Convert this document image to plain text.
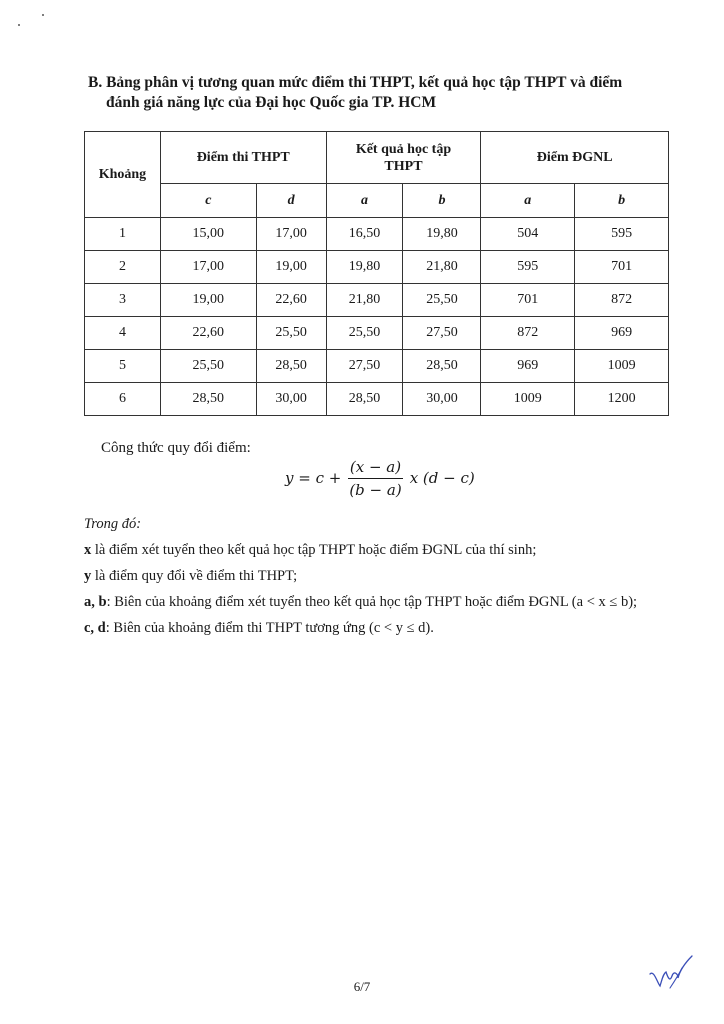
B. Bảng phân vị tương quan mức điểm thi THPT, kết quả học tập THPT và điểm
đánh giá năng lực của Đại học Quốc gia TP. HCM
Khoảng	Điểm thi THPT		Kết quả học tập THPT		Điểm ĐGNL	
	c	d	a	b	a	b
1	15,00	17,00	16,50	19,80	504	595
2	17,00	19,00	19,80	21,80	595	701
3	19,00	22,60	21,80	25,50	701	872
4	22,60	25,50	25,50	27,50	872	969
5	25,50	28,50	27,50	28,50	969	1009
6	28,50	30,00	28,50	30,00	1009	1200
Công thức quy đổi điểm:
$y = c + \frac{(x - a)}{(b - a)}$ x (d − c)
Trong đó:
x là điểm xét tuyển theo kết quả học tập THPT hoặc điểm ĐGNL của thí sinh;
y là điểm quy đổi về điểm thi THPT;
a, b: Biên của khoảng điểm xét tuyển theo kết quả học tập THPT hoặc điểm ĐGNL (a < x ≤ b);
c, d: Biên của khoảng điểm thi THPT tương ứng (c < y ≤ d).
6/7
